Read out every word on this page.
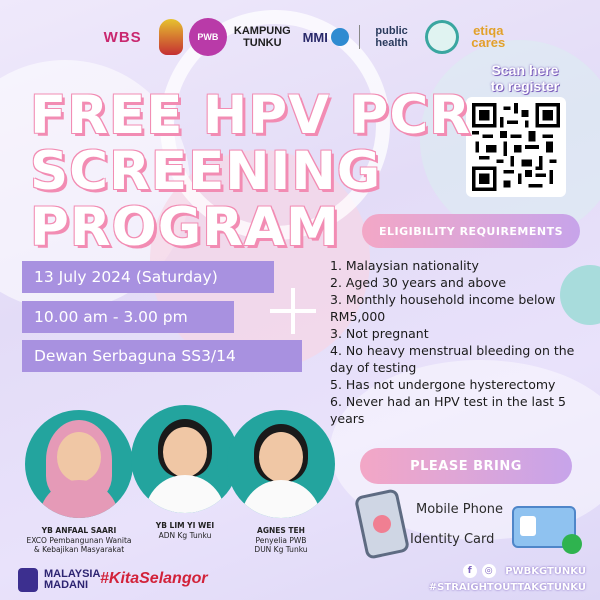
WBS	PWB	KAMPUNG
TUNKU MMI	public
health
etiqa
cares
Scan here
to register
FREE HPV PCR
SCREENING
PROGRAM	ELIGIBILITY REQUIREMENTS
1. Malaysian nationality
2. Aged 30 years and above
3. Monthly household income below RM5,000
3. Not pregnant
4. No heavy menstrual bleeding on the day of testing
5. Has not undergone hysterectomy
6. Never had an HPV test in the last 5 years
13 July 2024 (Saturday)
10.00 am - 3.00 pm
Dewan Serbaguna SS3/14
YB ANFAAL SAARI
EXCO Pembangunan Wanita
& Kebajikan Masyarakat
YB LIM YI WEI
ADN Kg Tunku	AGNES TEH
Penyelia PWB
DUN Kg Tunku
PLEASE BRING
Mobile Phone
Identity Card
MALAYSIA
MADANI #KitaSelangor	f	◎	PWBKGTUNKU
#STRAIGHTOUTTAKGTUNKU
